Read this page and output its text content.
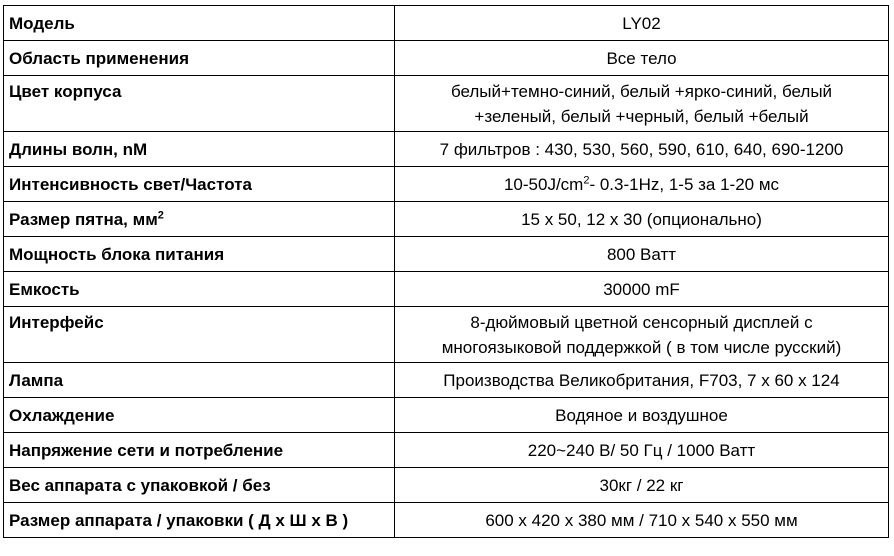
Модель	LY02
Область применения	Все тело
Цвет корпуса	белый+темно-синий, белый +ярко-синий, белый
+зеленый, белый +черный, белый +белый

Длины волн, nM	7 фильтров : 430, 530, 560, 590, 610, 640, 690-1200
Интенсивность свет/Частота	$10-50J/cm^2-$ 0.3-1Hz, 1-5 за 1-20 мс
Размер пятна, $мм^2$	15 x 50, 12 x 30 (опционально)
Мощность блока питания	800 Ватт
Емкость	30000 mF
Интерфейс	8-дюймовый цветной сенсорный дисплей с
многоязыковой поддержкой ( в том числе русский)

Лампа	Производства Великобритания, F703, 7 x 60 x 124
Охлаждение	Водяное и воздушное
Напряжение сети и потребление	220~240 В/ 50 Гц / 1000 Ватт
Вес аппарата с упаковкой / без	30кг / 22 кг
Размер аппарата / упаковки ( Д х Ш х В )	600 x 420 x 380 мм / 710 x 540 x 550 мм
